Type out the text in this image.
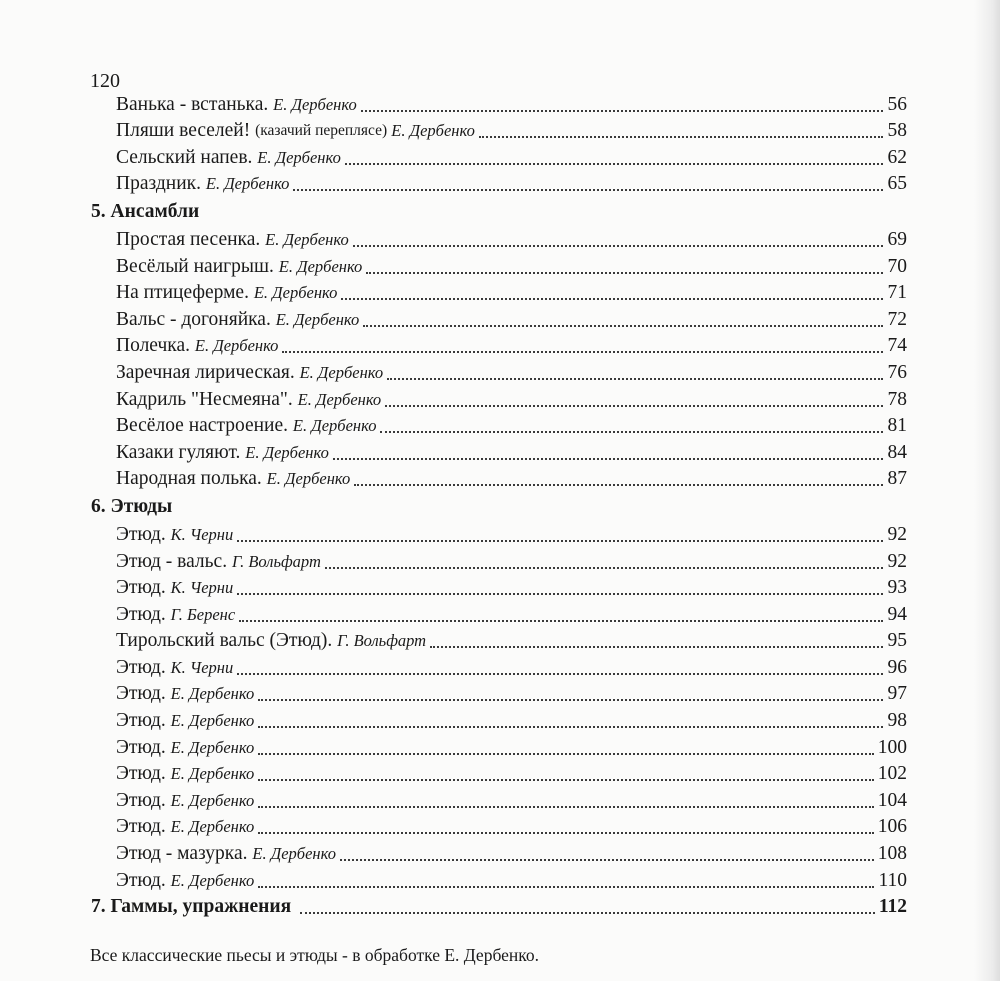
120
Ванька - встанька. Е. Дербенко	56
Пляши веселей! (казачий переплясе) Е. Дербенко	58
Сельский напев. Е. Дербенко	62
Праздник. Е. Дербенко	65
5. Ансамбли
Простая песенка. Е. Дербенко	69
Весёлый наигрыш. Е. Дербенко	70
На птицеферме. Е. Дербенко	71
Вальс - догоняйка. Е. Дербенко	72
Полечка. Е. Дербенко	74
Заречная лирическая. Е. Дербенко	76
Кадриль "Несмеяна". Е. Дербенко	78
Весёлое настроение. Е. Дербенко	81
Казаки гуляют. Е. Дербенко	84
Народная полька. Е. Дербенко	87
6. Этюды
Этюд. К. Черни	92
Этюд - вальс. Г. Вольфарт	92
Этюд. К. Черни	93
Этюд. Г. Беренс	94
Тирольский вальс (Этюд). Г. Вольфарт	95
Этюд. К. Черни	96
Этюд. Е. Дербенко	97
Этюд. Е. Дербенко	98
Этюд. Е. Дербенко	100
Этюд. Е. Дербенко	102
Этюд. Е. Дербенко	104
Этюд. Е. Дербенко	106
Этюд - мазурка. Е. Дербенко	108
Этюд. Е. Дербенко	110
7. Гаммы, упражнения	112
Все классические пьесы и этюды - в обработке Е. Дербенко.
